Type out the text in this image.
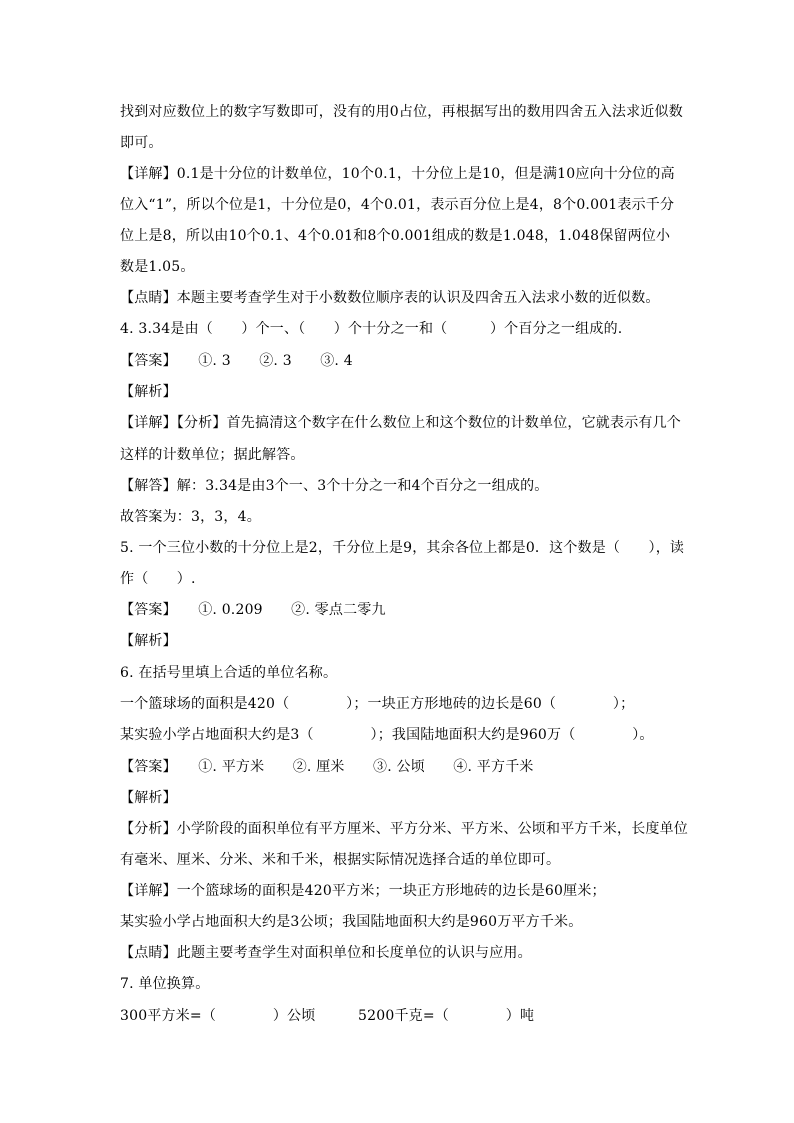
找到对应数位上的数字写数即可，没有的用0占位，再根据写出的数用四舍五入法求近似数
即可。
【详解】0.1是十分位的计数单位，10个0.1，十分位上是10，但是满10应向十分位的高
位入“1”，所以个位是1，十分位是0，4个0.01，表示百分位上是4，8个0.001表示千分
位上是8，所以由10个0.1、4个0.01和8个0.001组成的数是1.048，1.048保留两位小
数是1.05。
【点睛】本题主要考查学生对于小数数位顺序表的认识及四舍五入法求小数的近似数。
4. 3.34是由（　　）个一、（　　）个十分之一和（　　　）个百分之一组成的.
【答案】　　①. 3　　②. 3　　③. 4
【解析】
【详解】【分析】首先搞清这个数字在什么数位上和这个数位的计数单位，它就表示有几个
这样的计数单位；据此解答。
【解答】解：3.34是由3个一、3个十分之一和4个百分之一组成的。
故答案为：3，3，4。
5. 一个三位小数的十分位上是2，千分位上是9，其余各位上都是0．这个数是（　　），读
作（　　）.
【答案】　　①. 0.209　　②. 零点二零九
【解析】
6. 在括号里填上合适的单位名称。
一个篮球场的面积是420（　　　　）；一块正方形地砖的边长是60（　　　　）；
某实验小学占地面积大约是3（　　　　）；我国陆地面积大约是960万（　　　　）。
【答案】　　①. 平方米　　②. 厘米　　③. 公顷　　④. 平方千米
【解析】
【分析】小学阶段的面积单位有平方厘米、平方分米、平方米、公顷和平方千米，长度单位
有毫米、厘米、分米、米和千米，根据实际情况选择合适的单位即可。
【详解】一个篮球场的面积是420平方米；一块正方形地砖的边长是60厘米；
某实验小学占地面积大约是3公顷；我国陆地面积大约是960万平方千米。
【点睛】此题主要考查学生对面积单位和长度单位的认识与应用。
7. 单位换算。
300平方米=（　　　　）公顷　　　5200千克=（　　　　）吨
